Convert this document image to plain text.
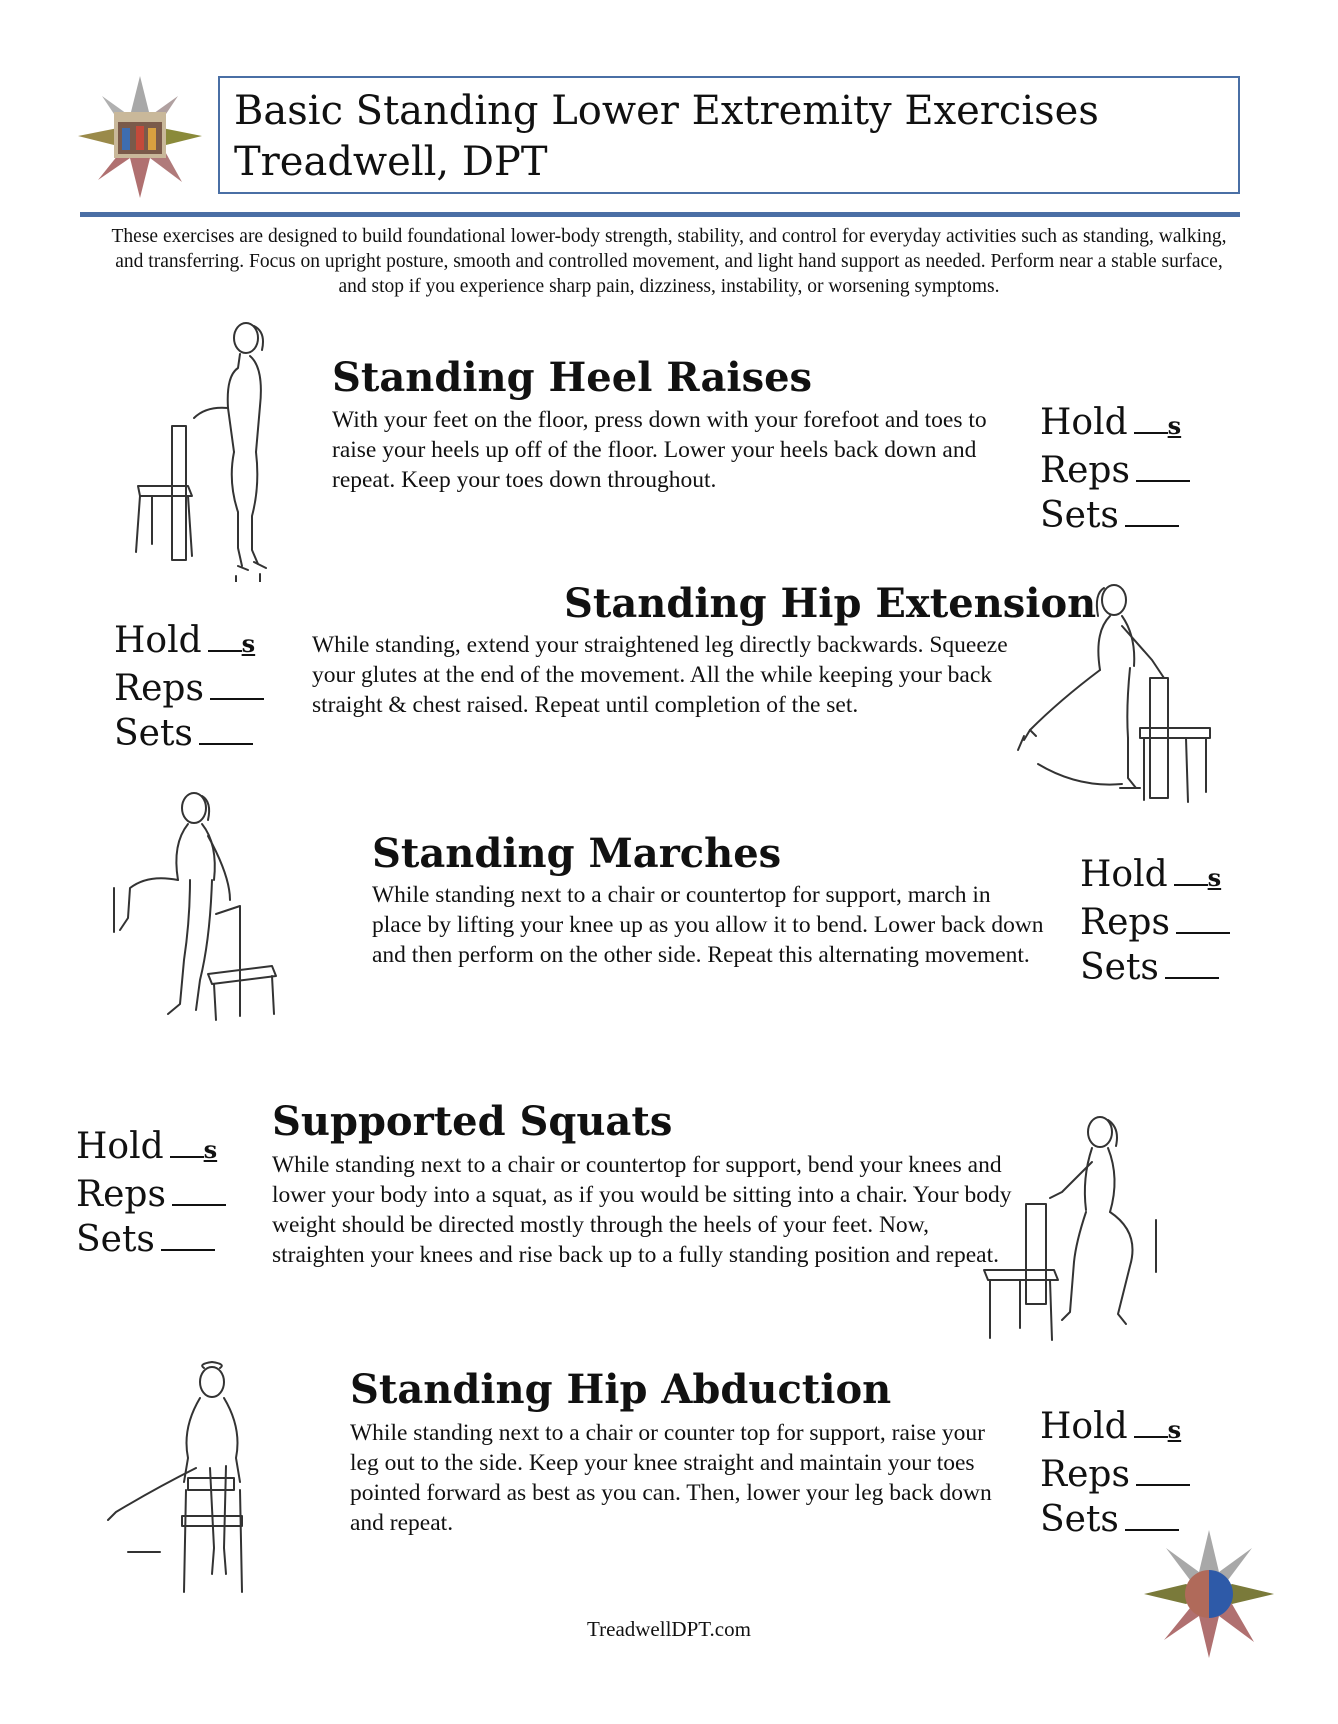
Basic Standing Lower Extremity Exercises
Treadwell, DPT
These exercises are designed to build foundational lower-body strength, stability, and control for everyday activities such as standing, walking, and transferring. Focus on upright posture, smooth and controlled movement, and light hand support as needed. Perform near a stable surface, and stop if you experience sharp pain, dizziness, instability, or worsening symptoms.
Standing Heel Raises
With your feet on the floor, press down with your forefoot and toes to raise your heels up off of the floor. Lower your heels back down and repeat. Keep your toes down throughout.
Hold s
Reps
Sets
Standing Hip Extension
Hold s
Reps
Sets
While standing, extend your straightened leg directly backwards. Squeeze your glutes at the end of the movement. All the while keeping your back straight & chest raised. Repeat until completion of the set.
Standing Marches
While standing next to a chair or countertop for support, march in place by lifting your knee up as you allow it to bend. Lower back down and then perform on the other side. Repeat this alternating movement.
Hold s
Reps
Sets
Hold s
Reps
Sets
Supported Squats
While standing next to a chair or countertop for support, bend your knees and lower your body into a squat, as if you would be sitting into a chair. Your body weight should be directed mostly through the heels of your feet. Now, straighten your knees and rise back up to a fully standing position and repeat.
Standing Hip Abduction
While standing next to a chair or counter top for support, raise your leg out to the side. Keep your knee straight and maintain your toes pointed forward as best as you can. Then, lower your leg back down and repeat.
Hold s
Reps
Sets
TreadwellDPT.com
